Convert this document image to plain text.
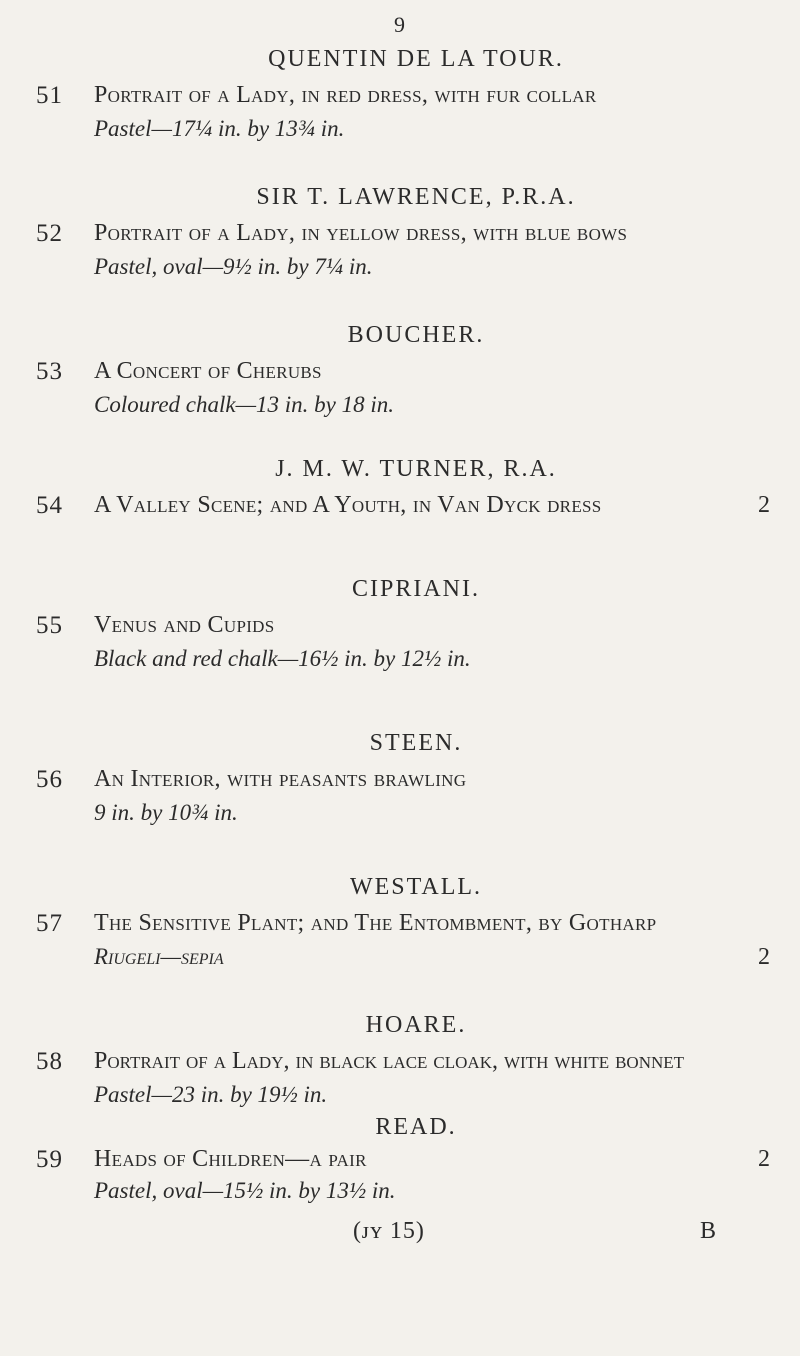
9
QUENTIN DE LA TOUR.
51 Portrait of a Lady, in red dress, with fur collar
Pastel—17¼ in. by 13¾ in.
SIR T. LAWRENCE, P.R.A.
52 Portrait of a Lady, in yellow dress, with blue bows
Pastel, oval—9½ in. by 7¼ in.
BOUCHER.
53 A Concert of Cherubs
Coloured chalk—13 in. by 18 in.
J. M. W. TURNER, R.A.
54 A Valley Scene; and A Youth, in Van Dyck dress	2
CIPRIANI.
55 Venus and Cupids
Black and red chalk—16½ in. by 12½ in.
STEEN.
56 An Interior, with peasants brawling
9 in. by 10¾ in.
WESTALL.
57 The Sensitive Plant; and The Entombment, by Gotharp
Riugeli—sepia	2
HOARE.
58 Portrait of a Lady, in black lace cloak, with white bonnet
Pastel—23 in. by 19½ in.
READ.
59 Heads of Children—a pair	2
Pastel, oval—15½ in. by 13½ in.
(ᴊʏ 15)	B
